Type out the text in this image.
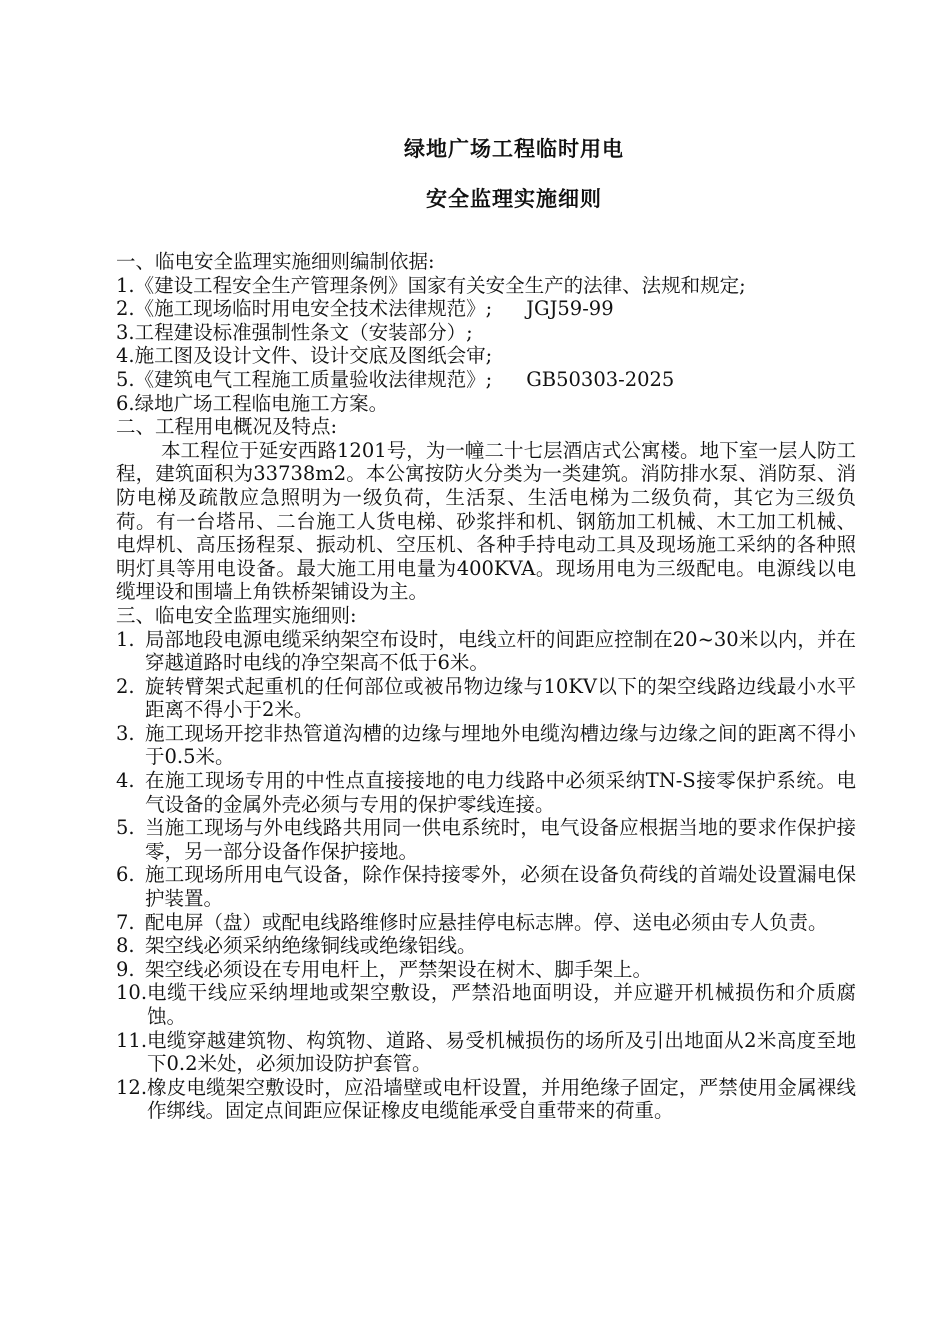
绿地广场工程临时用电
安全监理实施细则
一、临电安全监理实施细则编制依据:
1.《建设工程安全生产管理条例》国家有关安全生产的法律、法规和规定;
2.《施工现场临时用电安全技术法律规范》; JGJ59-99
3.工程建设标准强制性条文（安装部分）;
4.施工图及设计文件、设计交底及图纸会审;
5.《建筑电气工程施工质量验收法律规范》; GB50303-2025
6.绿地广场工程临电施工方案。
二、工程用电概况及特点:
本工程位于延安西路1201号，为一幢二十七层酒店式公寓楼。地下室一层人防工程，建筑面积为33738m2。本公寓按防火分类为一类建筑。消防排水泵、消防泵、消防电梯及疏散应急照明为一级负荷，生活泵、生活电梯为二级负荷，其它为三级负荷。有一台塔吊、二台施工人货电梯、砂浆拌和机、钢筋加工机械、木工加工机械、电焊机、高压扬程泵、振动机、空压机、各种手持电动工具及现场施工采纳的各种照明灯具等用电设备。最大施工用电量为400KVA。现场用电为三级配电。电源线以电缆埋设和围墙上角铁桥架铺设为主。
三、临电安全监理实施细则:
1. 局部地段电源电缆采纳架空布设时，电线立杆的间距应控制在20~30米以内，并在穿越道路时电线的净空架高不低于6米。
2. 旋转臂架式起重机的任何部位或被吊物边缘与10KV以下的架空线路边线最小水平距离不得小于2米。
3. 施工现场开挖非热管道沟槽的边缘与埋地外电缆沟槽边缘与边缘之间的距离不得小于0.5米。
4. 在施工现场专用的中性点直接接地的电力线路中必须采纳TN-S接零保护系统。电气设备的金属外壳必须与专用的保护零线连接。
5. 当施工现场与外电线路共用同一供电系统时，电气设备应根据当地的要求作保护接零，另一部分设备作保护接地。
6. 施工现场所用电气设备，除作保持接零外，必须在设备负荷线的首端处设置漏电保护装置。
7. 配电屏（盘）或配电线路维修时应悬挂停电标志牌。停、送电必须由专人负责。
8. 架空线必须采纳绝缘铜线或绝缘铝线。
9. 架空线必须设在专用电杆上，严禁架设在树木、脚手架上。
10. 电缆干线应采纳埋地或架空敷设，严禁沿地面明设，并应避开机械损伤和介质腐蚀。
11. 电缆穿越建筑物、构筑物、道路、易受机械损伤的场所及引出地面从2米高度至地下0.2米处，必须加设防护套管。
12. 橡皮电缆架空敷设时，应沿墙壁或电杆设置，并用绝缘子固定，严禁使用金属裸线作绑线。固定点间距应保证橡皮电缆能承受自重带来的荷重。
